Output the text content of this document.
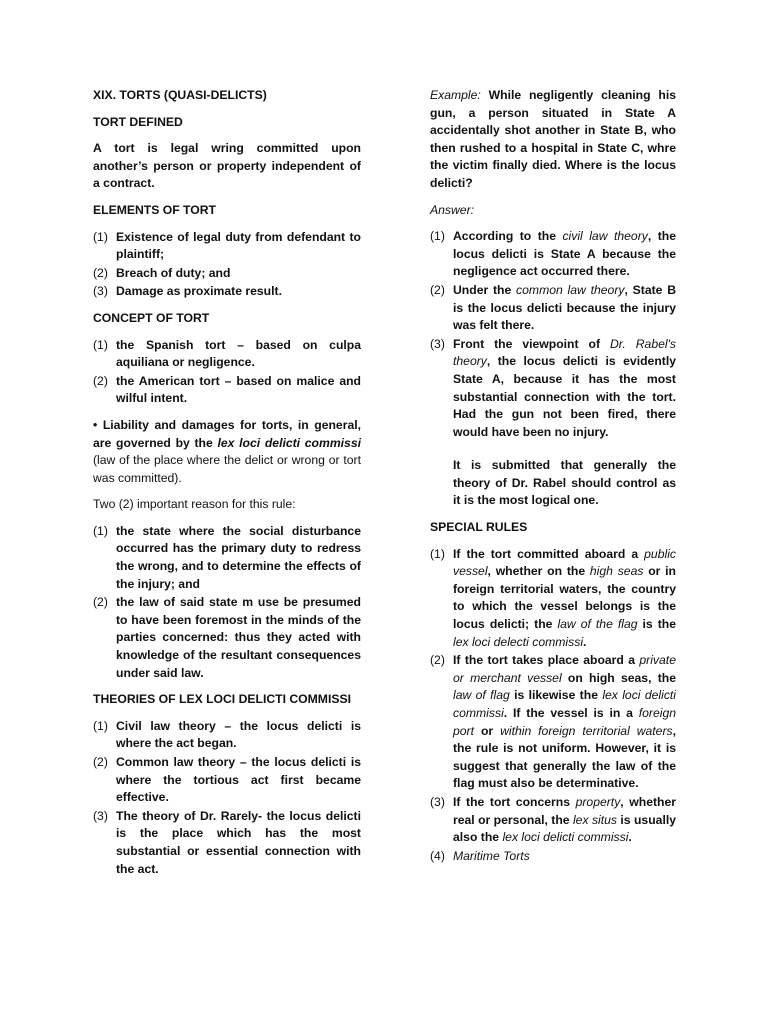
XIX. TORTS (QUASI-DELICTS)
TORT DEFINED
A tort is legal wring committed upon another’s person or property independent of a contract.
ELEMENTS OF TORT
(1) Existence of legal duty from defendant to plaintiff;
(2) Breach of duty; and
(3) Damage as proximate result.
CONCEPT OF TORT
(1) the Spanish tort – based on culpa aquiliana or negligence.
(2) the American tort – based on malice and wilful intent.
• Liability and damages for torts, in general, are governed by the lex loci delicti commissi (law of the place where the delict or wrong or tort was committed).
Two (2) important reason for this rule:
(1) the state where the social disturbance occurred has the primary duty to redress the wrong, and to determine the effects of the injury; and
(2) the law of said state m use be presumed to have been foremost in the minds of the parties concerned: thus they acted with knowledge of the resultant consequences under said law.
THEORIES OF LEX LOCI DELICTI COMMISSI
(1) Civil law theory – the locus delicti is where the act began.
(2) Common law theory – the locus delicti is where the tortious act first became effective.
(3) The theory of Dr. Rarely- the locus delicti is the place which has the most substantial or essential connection with the act.
Example: While negligently cleaning his gun, a person situated in State A accidentally shot another in State B, who then rushed to a hospital in State C, whre the victim finally died. Where is the locus delicti?
Answer:
(1) According to the civil law theory, the locus delicti is State A because the negligence act occurred there.
(2) Under the common law theory, State B is the locus delicti because the injury was felt there.
(3) Front the viewpoint of Dr. Rabel's theory, the locus delicti is evidently State A, because it has the most substantial connection with the tort. Had the gun not been fired, there would have been no injury.
It is submitted that generally the theory of Dr. Rabel should control as it is the most logical one.
SPECIAL RULES
(1) If the tort committed aboard a public vessel, whether on the high seas or in foreign territorial waters, the country to which the vessel belongs is the locus delicti; the law of the flag is the lex loci delecti commissi.
(2) If the tort takes place aboard a private or merchant vessel on high seas, the law of flag is likewise the lex loci delicti commissi. If the vessel is in a foreign port or within foreign territorial waters, the rule is not uniform. However, it is suggest that generally the law of the flag must also be determinative.
(3) If the tort concerns property, whether real or personal, the lex situs is usually also the lex loci delicti commissi.
(4) Maritime Torts
